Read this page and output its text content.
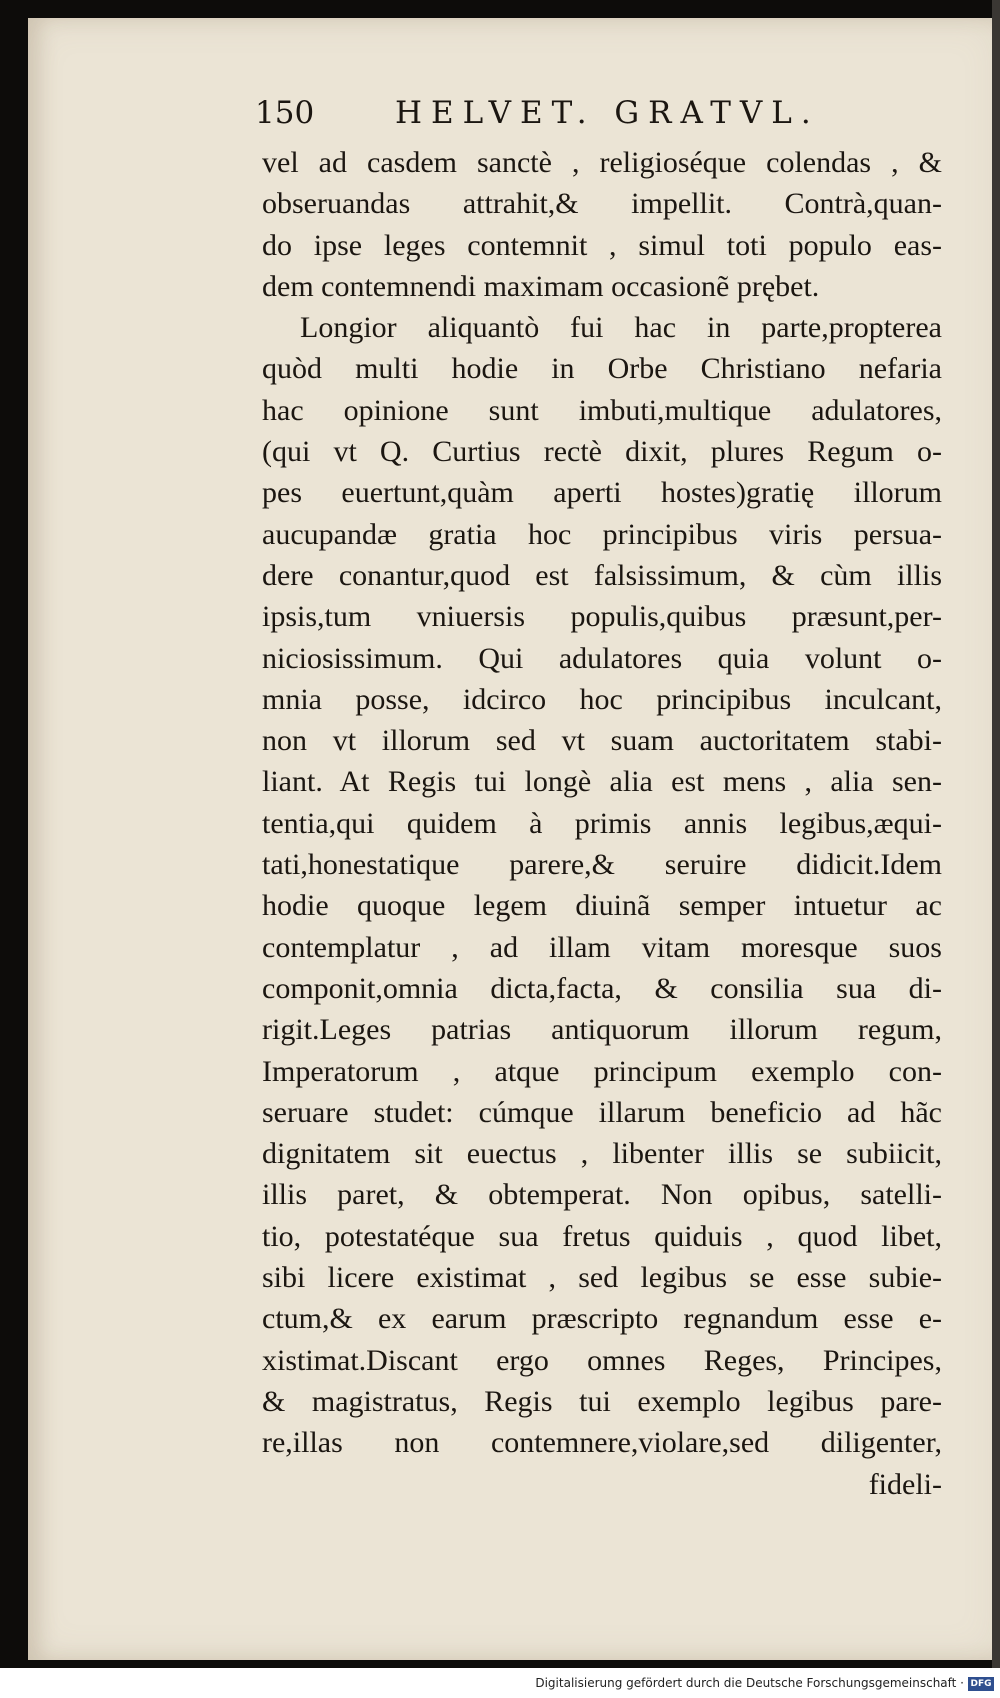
150	HELVET. GRATVL.
vel ad casdem sanctè , religioséque colendas , &
obseruandas attrahit,& impellit. Contrà,quan-
do ipse leges contemnit , simul toti populo eas-
dem contemnendi maximam occasionẽ prębet.
Longior aliquantò fui hac in parte,propterea
quòd multi hodie in Orbe Christiano nefaria
hac opinione sunt imbuti,multique adulatores,
(qui vt Q. Curtius rectè dixit, plures Regum o-
pes euertunt,quàm aperti hostes)gratię illorum
aucupandæ gratia hoc principibus viris persua-
dere conantur,quod est falsissimum, & cùm illis
ipsis,tum vniuersis populis,quibus præsunt,per-
niciosissimum. Qui adulatores quia volunt o-
mnia posse, idcirco hoc principibus inculcant,
non vt illorum sed vt suam auctoritatem stabi-
liant. At Regis tui longè alia est mens , alia sen-
tentia,qui quidem à primis annis legibus,æqui-
tati,honestatique parere,& seruire didicit.Idem
hodie quoque legem diuinã semper intuetur ac
contemplatur , ad illam vitam moresque suos
componit,omnia dicta,facta, & consilia sua di-
rigit.Leges patrias antiquorum illorum regum,
Imperatorum , atque principum exemplo con-
seruare studet: cúmque illarum beneficio ad hãc
dignitatem sit euectus , libenter illis se subiicit,
illis paret, & obtemperat. Non opibus, satelli-
tio, potestatéque sua fretus quiduis , quod libet,
sibi licere existimat , sed legibus se esse subie-
ctum,& ex earum præscripto regnandum esse e-
xistimat.Discant ergo omnes Reges, Principes,
& magistratus, Regis tui exemplo legibus pare-
re,illas non contemnere,violare,sed diligenter,
fideli-
Digitalisierung gefördert durch die Deutsche Forschungsgemeinschaft · DFG
